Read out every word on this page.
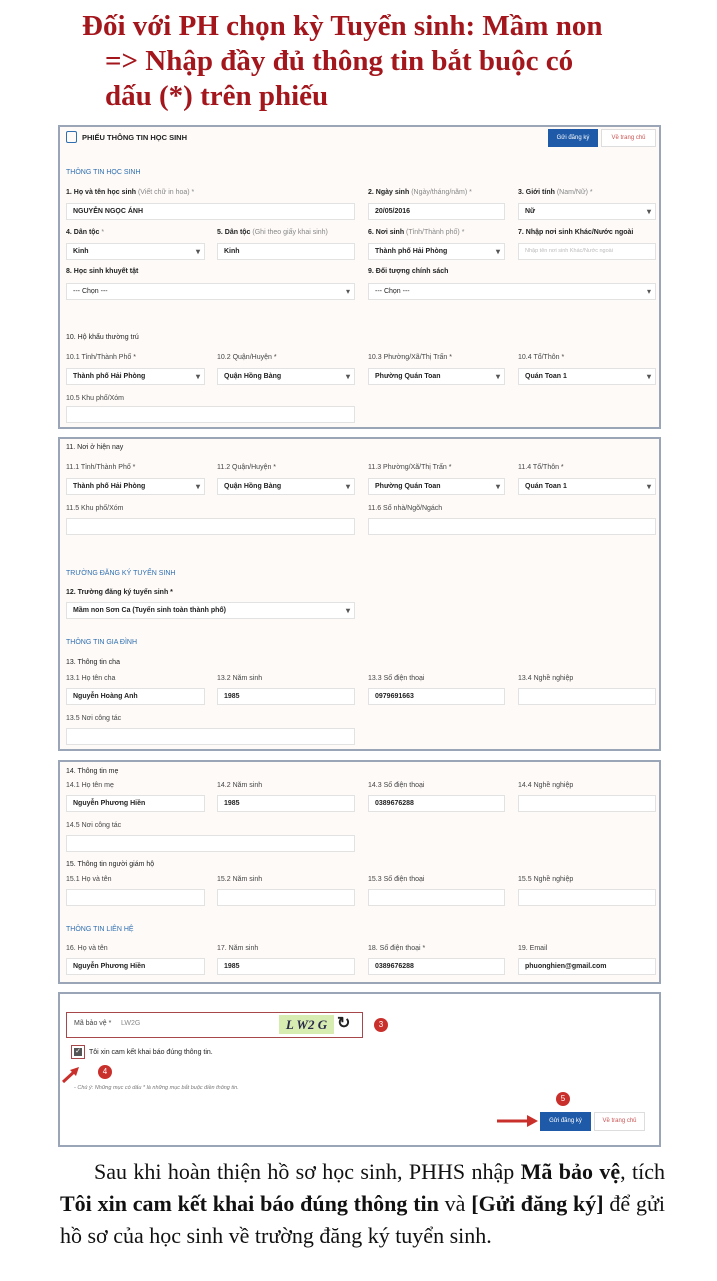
Đối với PH chọn kỳ Tuyển sinh: Mầm non
=> Nhập đầy đủ thông tin bắt buộc có
dấu (*) trên phiếu
PHIẾU THÔNG TIN HỌC SINH	Gửi đăng ký	Về trang chủ
THÔNG TIN HỌC SINH
1. Họ và tên học sinh (Viết chữ in hoa) *
NGUYỄN NGỌC ÁNH
2. Ngày sinh (Ngày/tháng/năm) *
20/05/2016
3. Giới tính (Nam/Nữ) *
Nữ ▾
4. Dân tộc *
Kinh ▾
5. Dân tộc (Ghi theo giấy khai sinh)
Kinh
6. Nơi sinh (Tỉnh/Thành phố) *
Thành phố Hải Phòng ▾
7. Nhập nơi sinh Khác/Nước ngoài
Nhập tên nơi sinh Khác/Nước ngoài
8. Học sinh khuyết tật
--- Chọn --- ▾
9. Đối tượng chính sách
--- Chọn --- ▾
10. Hộ khẩu thường trú
10.1 Tỉnh/Thành Phố *
Thành phố Hải Phòng ▾
10.2 Quận/Huyện *
Quận Hồng Bàng ▾
10.3 Phường/Xã/Thị Trấn *
Phường Quán Toan ▾
10.4 Tổ/Thôn *
Quán Toan 1 ▾
10.5 Khu phố/Xóm
11. Nơi ở hiện nay
11.1 Tỉnh/Thành Phố *
Thành phố Hải Phòng ▾
11.2 Quận/Huyện *
Quận Hồng Bàng ▾
11.3 Phường/Xã/Thị Trấn *
Phường Quán Toan ▾
11.4 Tổ/Thôn *
Quán Toan 1 ▾
11.5 Khu phố/Xóm	11.6 Số nhà/Ngõ/Ngách
TRƯỜNG ĐĂNG KÝ TUYỂN SINH
12. Trường đăng ký tuyển sinh *
Mầm non Sơn Ca (Tuyển sinh toàn thành phố) ▾
THÔNG TIN GIA ĐÌNH
13. Thông tin cha
13.1 Họ tên cha
Nguyễn Hoàng Anh
13.2 Năm sinh
1985
13.3 Số điện thoại
0979691663
13.4 Nghề nghiệp
13.5 Nơi công tác
14. Thông tin mẹ
14.1 Họ tên mẹ
Nguyễn Phương Hiền
14.2 Năm sinh
1985
14.3 Số điện thoại
0389676288
14.4 Nghề nghiệp
14.5 Nơi công tác
15. Thông tin người giám hộ
15.1 Họ và tên	15.2 Năm sinh	15.3 Số điện thoại	15.5 Nghề nghiệp
THÔNG TIN LIÊN HỆ
16. Họ và tên
Nguyễn Phương Hiền
17. Năm sinh
1985
18. Số điện thoại *
0389676288
19. Email
phuonghien@gmail.com
Mã bảo vệ *	LW2G	L W2 G ↻	3
✓ Tôi xin cam kết khai báo đúng thông tin.
4
- Chú ý: Những mục có dấu * là những mục bắt buộc điền thông tin.
5
Gửi đăng ký	Về trang chủ
Sau khi hoàn thiện hồ sơ học sinh, PHHS nhập Mã bảo vệ, tích Tôi xin cam kết khai báo đúng thông tin và [Gửi đăng ký] để gửi hồ sơ của học sinh về trường đăng ký tuyển sinh.
